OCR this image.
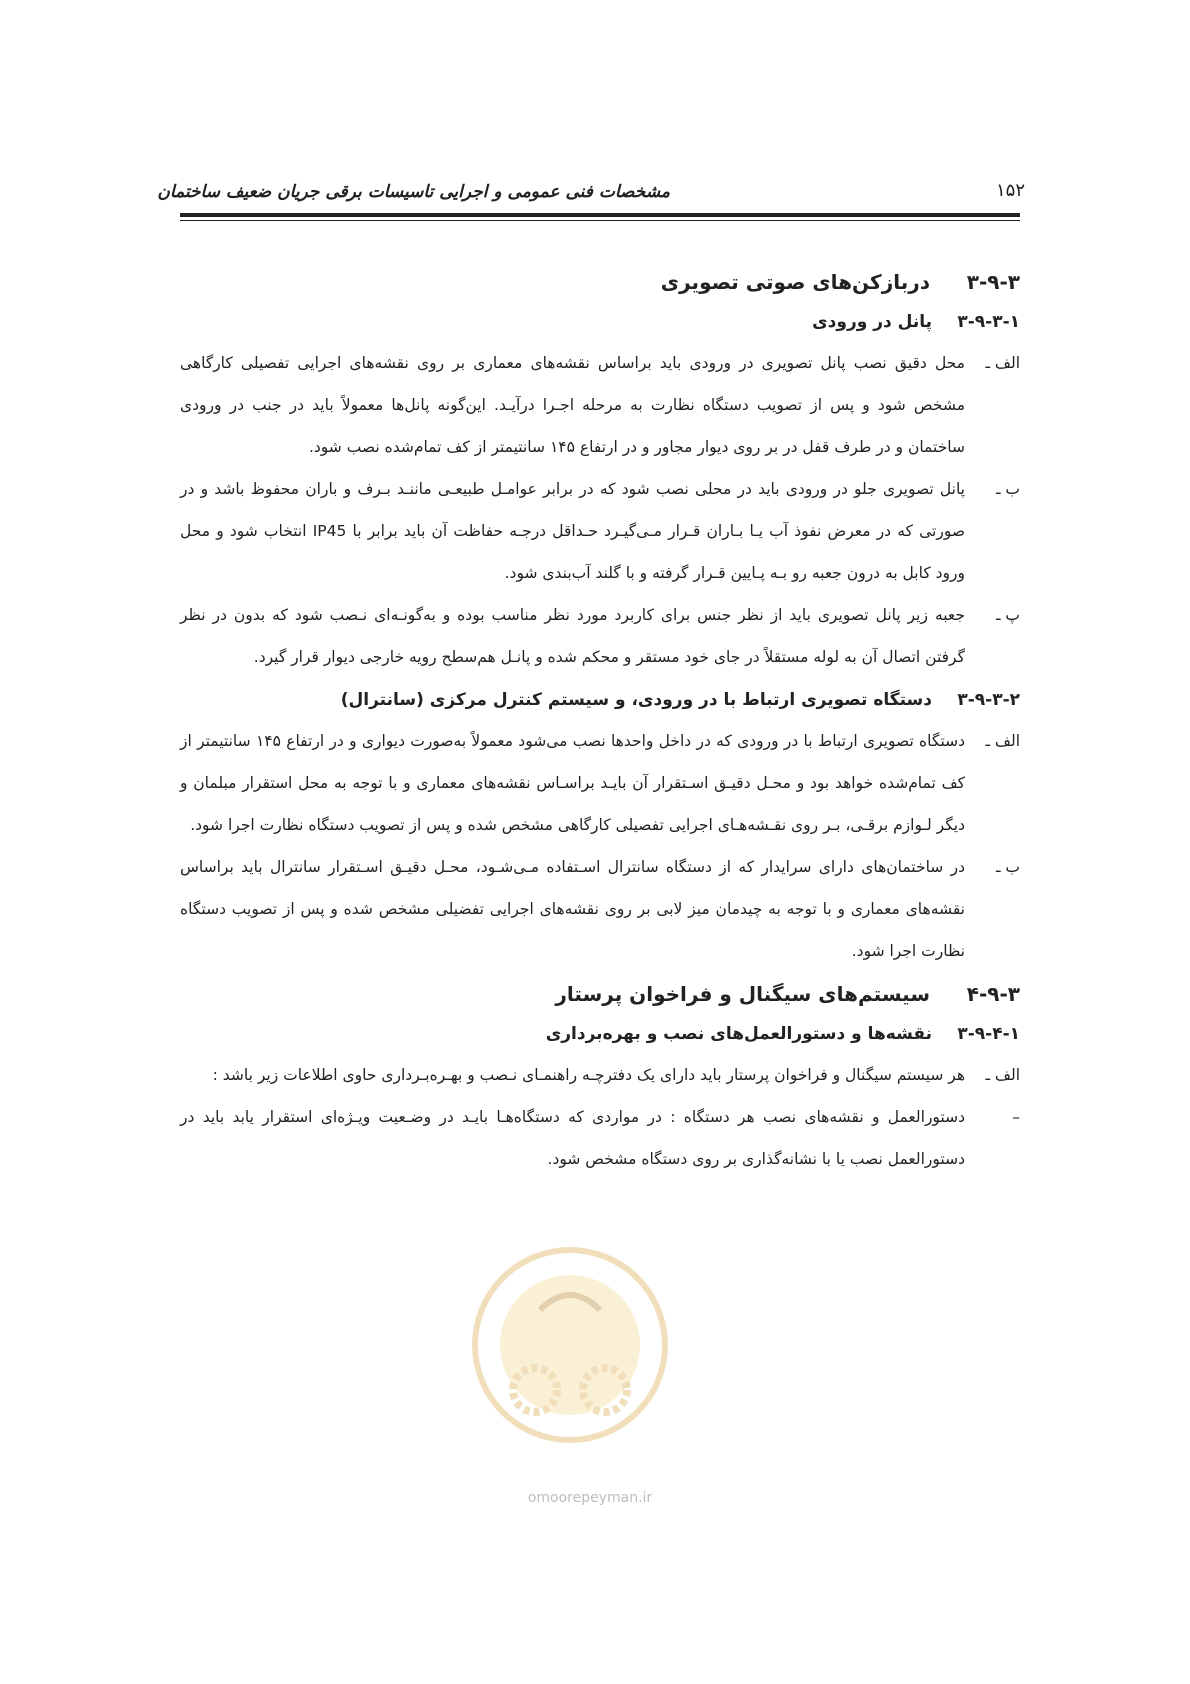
مشخصات فنی عمومی و اجرایی تاسیسات برقی جریان ضعیف ساختمان	۱۵۲
۳-۹-۳
دربازکن‌های صوتی تصویری
۳-۹-۳-۱
پانل در ورودی
الف ـ
محل دقیق نصب پانل تصویری در ورودی باید براساس نقشه‌های معماری بر روی نقشه‌های اجرایی تفصیلی کارگاهی مشخص شود و پس از تصویب دستگاه نظارت به مرحله اجـرا درآیـد. این‌گونه پانل‌ها معمولاً باید در جنب در ورودی ساختمان و در طرف قفل در بر روی دیوار مجاور و در ارتفاع ۱۴۵ سانتیمتر از کف تمام‌شده نصب شود.
ب ـ
پانل تصویری جلو در ورودی باید در محلی نصب شود که در برابر عوامـل طبیعـی ماننـد بـرف و باران محفوظ باشد و در صورتی که در معرض نفوذ آب یـا بـاران قـرار مـی‌گیـرد حـداقل درجـه حفاظت آن باید برابر با IP45 انتخاب شود و محل ورود کابل به درون جعبه رو بـه پـایین قـرار گرفته و با گلند آب‌بندی شود.
پ ـ
جعبه زیر پانل تصویری باید از نظر جنس برای کاربرد مورد نظر مناسب بوده و به‌گونـه‌ای نـصب شود که بدون در نظر گرفتن اتصال آن به لوله مستقلاً در جای خود مستقر و محکم شده و پانـل هم‌سطح رویه خارجی دیوار قرار گیرد.
۳-۹-۳-۲
دستگاه تصویری ارتباط با در ورودی، و سیستم کنترل مرکزی (سانترال)
الف ـ
دستگاه تصویری ارتباط با در ورودی که در داخل واحدها نصب می‌شود معمولاً به‌صورت دیواری و در ارتفاع ۱۴۵ سانتیمتر از کف تمام‌شده خواهد بود و محـل دقیـق اسـتقرار آن بایـد براسـاس نقشه‌های معماری و با توجه به محل استقرار مبلمان و دیگر لـوازم برقـی، بـر روی نقـشه‌هـای اجرایی تفصیلی کارگاهی مشخص شده و پس از تصویب دستگاه نظارت اجرا شود.
ب ـ
در ساختمان‌های دارای سرایدار که از دستگاه سانترال اسـتفاده مـی‌شـود، محـل دقیـق اسـتقرار سانترال باید براساس نقشه‌های معماری و با توجه به چیدمان میز لابی بر روی نقشه‌های اجرایی تفضیلی مشخص شده و پس از تصویب دستگاه نظارت اجرا شود.
۴-۹-۳
سیستم‌های سیگنال و فراخوان پرستار
۳-۹-۴-۱
نقشه‌ها و دستورالعمل‌های نصب و بهره‌برداری
الف ـ
هر سیستم سیگنال و فراخوان پرستار باید دارای یک دفترچـه راهنمـای نـصب و بهـره‌بـرداری حاوی اطلاعات زیر باشد :
–
دستورالعمل و نقشه‌های نصب هر دستگاه : در مواردی که دستگاه‌هـا بایـد در وضـعیت ویـژه‌ای استقرار یابد باید در دستورالعمل نصب یا با نشانه‌گذاری بر روی دستگاه مشخص شود.
omoorepeyman.ir
